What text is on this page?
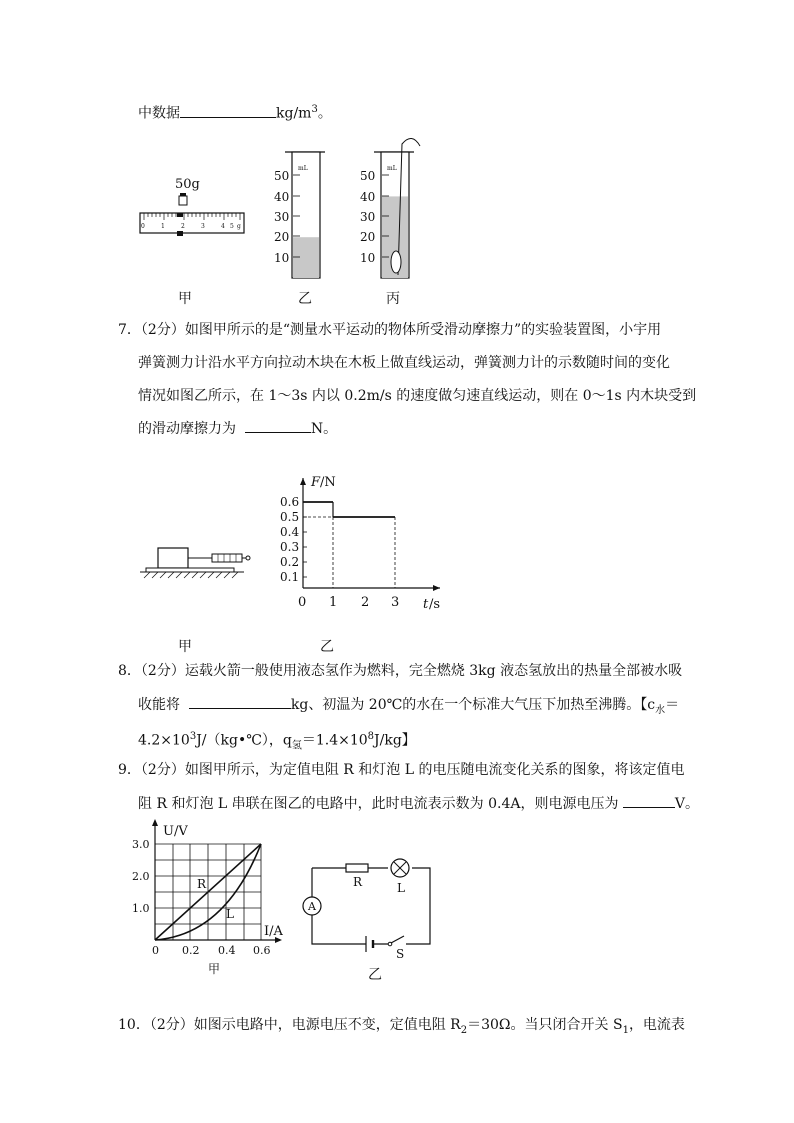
中数据	$kg/m^3$。
50g
0	1	2	3	4 5 g
mL
50
40
30
20
10
mL
50
40
30
20
10
甲	乙	丙
7．（2分）如图甲所示的是“测量水平运动的物体所受滑动摩擦力”的实验装置图，小宇用
弹簧测力计沿水平方向拉动木块在木板上做直线运动，弹簧测力计的示数随时间的变化
情况如图乙所示，在 1～3s 内以 0.2m/s 的速度做匀速直线运动，则在 0～1s 内木块受到
的滑动摩擦力为	N。
F /N
0.6
0.5
0.4
0.3
0.2
0.1
0 1 2 3 t /s
甲	乙
8．（2分）运载火箭一般使用液态氢作为燃料，完全燃烧 3kg 液态氢放出的热量全部被水吸
收能将	kg、初温为 20℃的水在一个标准大气压下加热至沸腾。【$c_水=$
$4.2\times 10^3J/(kg•℃)$，$q_氢=1.4\times 10^8J/kg$】
9．（2分）如图甲所示，为定值电阻 R 和灯泡 L 的电压随电流变化关系的图象，将该定值电
阻 R 和灯泡 L 串联在图乙的电路中，此时电流表示数为 0.4A，则电源电压为	V。
U/V
I/A
3.0
2.0
1.0
0 0.2 0.4 0.6
R
L
A
R	L
S
甲	乙
10．（2分）如图示电路中，电源电压不变，定值电阻 $R_2=30\Omega$。当只闭合开关 $S_1$，电流表
